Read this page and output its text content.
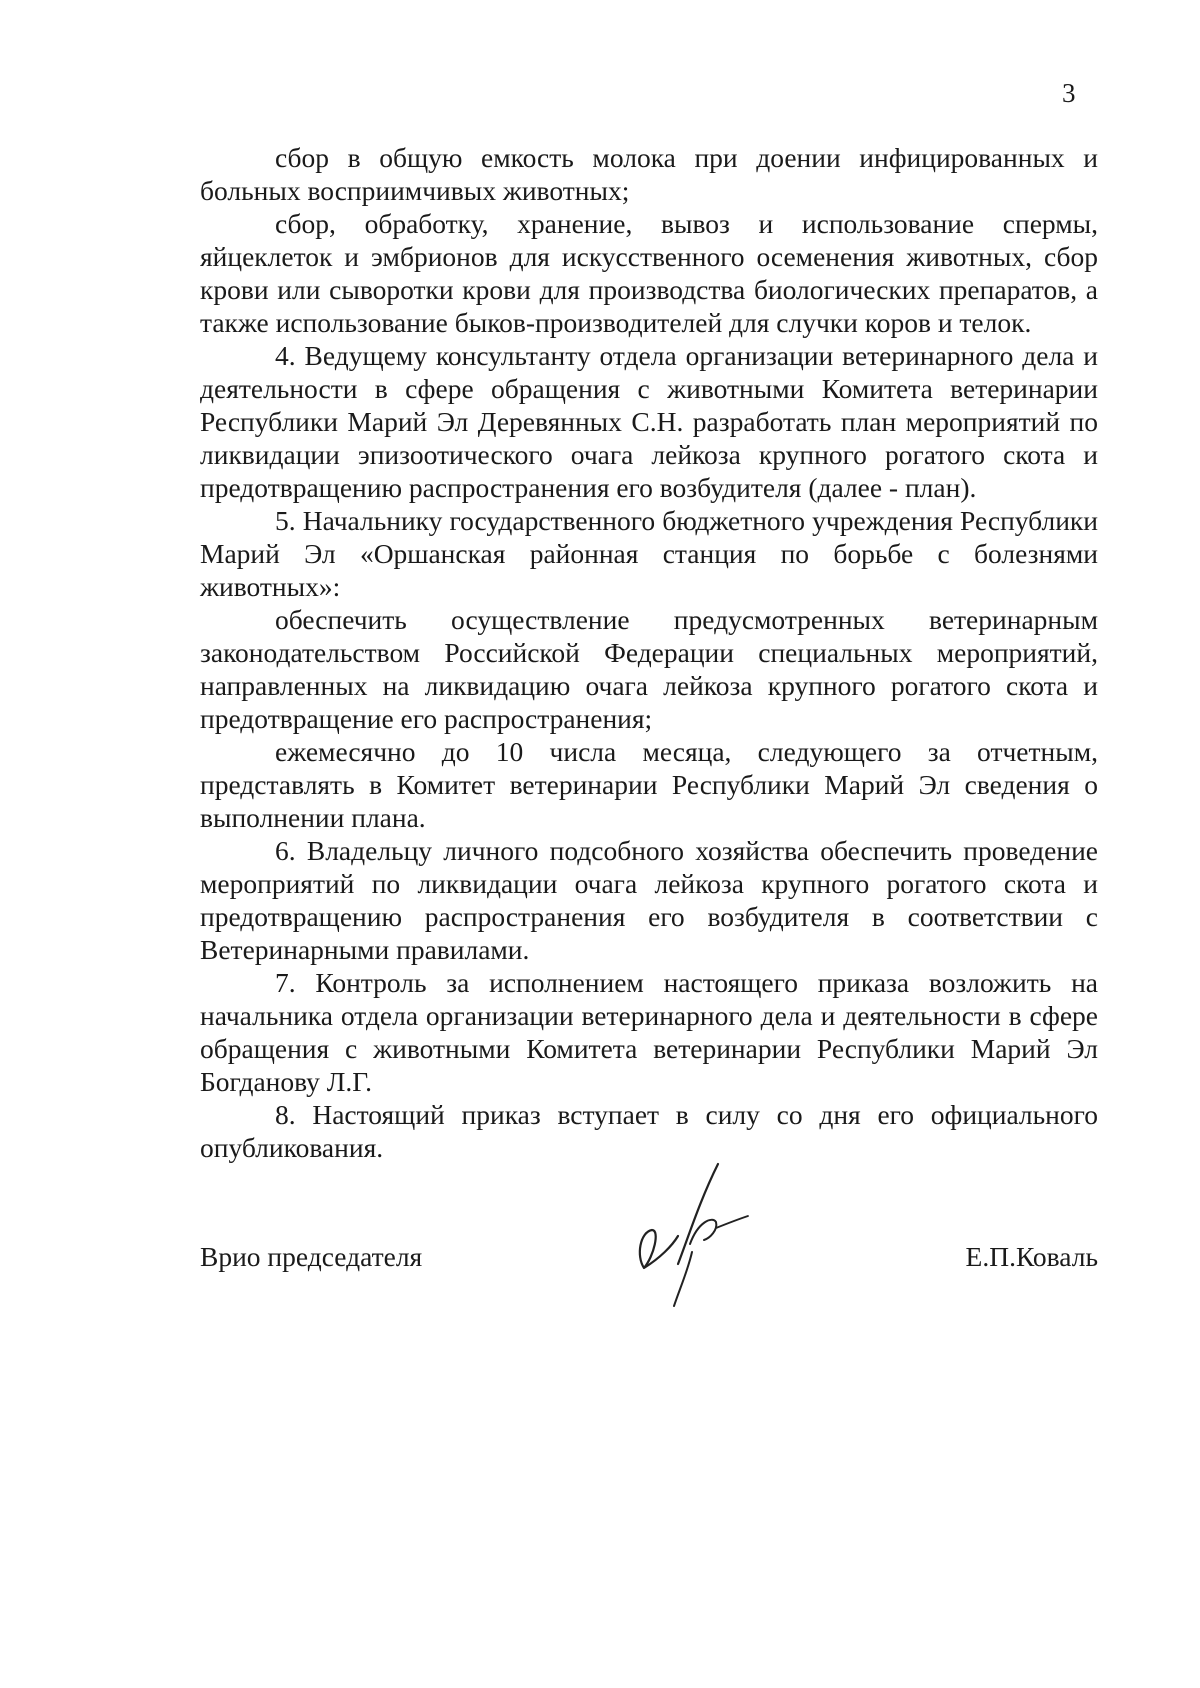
3

сбор в общую емкость молока при доении инфицированных и больных восприимчивых животных;

сбор, обработку, хранение, вывоз и использование спермы, яйцеклеток и эмбрионов для искусственного осеменения животных, сбор крови или сыворотки крови для производства биологических препаратов, а также использование быков-производителей для случки коров и телок.

4. Ведущему консультанту отдела организации ветеринарного дела и деятельности в сфере обращения с животными Комитета ветеринарии Республики Марий Эл Деревянных С.Н. разработать план мероприятий по ликвидации эпизоотического очага лейкоза крупного рогатого скота и предотвращению распространения его возбудителя (далее - план).

5. Начальнику государственного бюджетного учреждения Республики Марий Эл «Оршанская районная станция по борьбе с болезнями животных»:

обеспечить осуществление предусмотренных ветеринарным законодательством Российской Федерации специальных мероприятий, направленных на ликвидацию очага лейкоза крупного рогатого скота и предотвращение его распространения;

ежемесячно до 10 числа месяца, следующего за отчетным, представлять в Комитет ветеринарии Республики Марий Эл сведения о выполнении плана.

6. Владельцу личного подсобного хозяйства обеспечить проведение мероприятий по ликвидации очага лейкоза крупного рогатого скота и предотвращению распространения его возбудителя в соответствии с Ветеринарными правилами.

7. Контроль за исполнением настоящего приказа возложить на начальника отдела организации ветеринарного дела и деятельности в сфере обращения с животными Комитета ветеринарии Республики Марий Эл Богданову Л.Г.

8. Настоящий приказ вступает в силу со дня его официального опубликования.

Врио председателя	Е.П.Коваль
